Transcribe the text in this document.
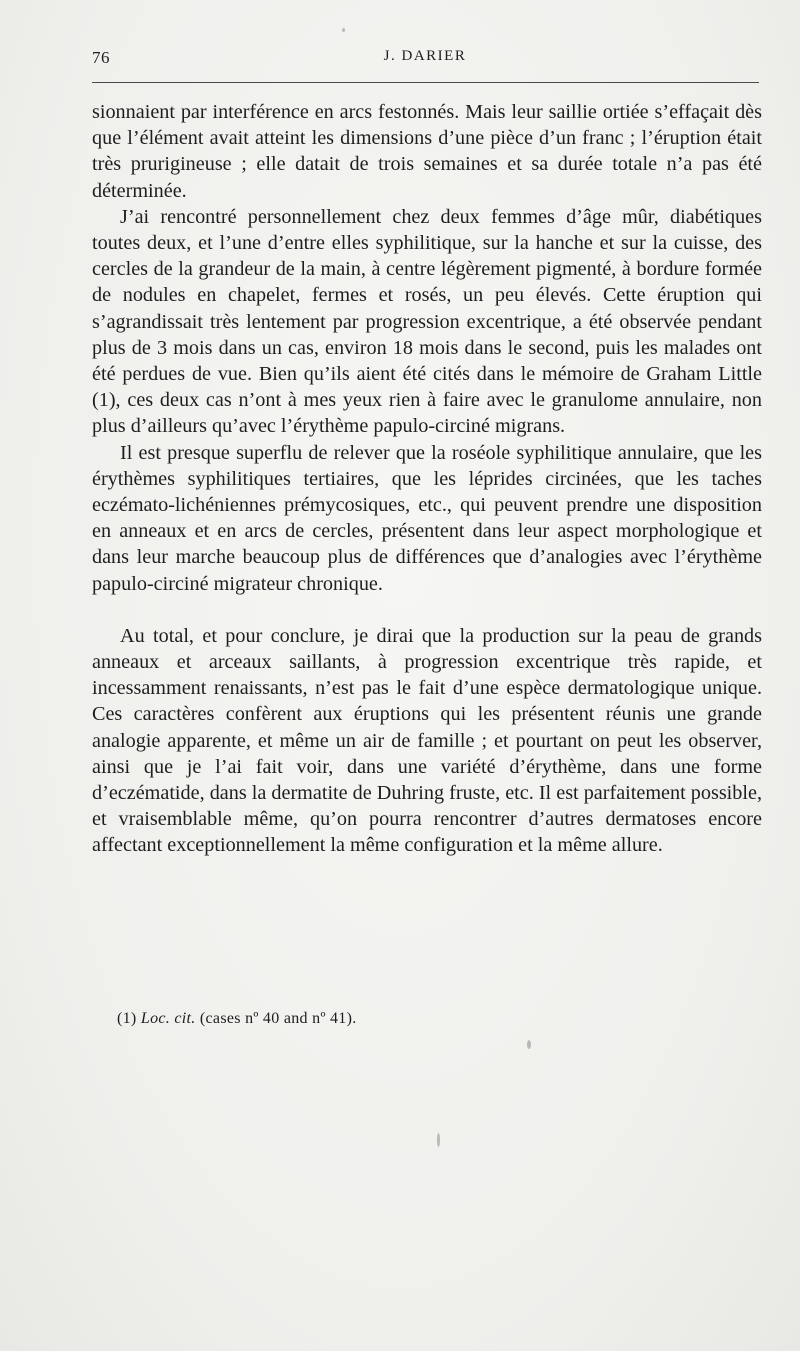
76	J. DARIER

sionnaient par interférence en arcs festonnés. Mais leur saillie ortiée s’effaçait dès que l’élément avait atteint les dimensions d’une pièce d’un franc ; l’éruption était très prurigineuse ; elle datait de trois semaines et sa durée totale n’a pas été déterminée.

J’ai rencontré personnellement chez deux femmes d’âge mûr, diabétiques toutes deux, et l’une d’entre elles syphilitique, sur la hanche et sur la cuisse, des cercles de la grandeur de la main, à centre légèrement pigmenté, à bordure formée de nodules en chapelet, fermes et rosés, un peu élevés. Cette éruption qui s’agrandissait très lentement par progression excentrique, a été observée pendant plus de 3 mois dans un cas, environ 18 mois dans le second, puis les malades ont été perdues de vue. Bien qu’ils aient été cités dans le mémoire de Graham Little (1), ces deux cas n’ont à mes yeux rien à faire avec le granulome annulaire, non plus d’ailleurs qu’avec l’érythème papulo-circiné migrans.

Il est presque superflu de relever que la roséole syphilitique annulaire, que les érythèmes syphilitiques tertiaires, que les léprides circinées, que les taches eczémato-lichéniennes prémycosiques, etc., qui peuvent prendre une disposition en anneaux et en arcs de cercles, présentent dans leur aspect morphologique et dans leur marche beaucoup plus de différences que d’analogies avec l’érythème papulo-circiné migrateur chronique.

Au total, et pour conclure, je dirai que la production sur la peau de grands anneaux et arceaux saillants, à progression excentrique très rapide, et incessamment renaissants, n’est pas le fait d’une espèce dermatologique unique. Ces caractères confèrent aux éruptions qui les présentent réunis une grande analogie apparente, et même un air de famille ; et pourtant on peut les observer, ainsi que je l’ai fait voir, dans une variété d’érythème, dans une forme d’eczématide, dans la dermatite de Duhring fruste, etc. Il est parfaitement possible, et vraisemblable même, qu’on pourra rencontrer d’autres dermatoses encore affectant exceptionnellement la même configuration et la même allure.

(1) Loc. cit. (cases nº 40 and nº 41).
